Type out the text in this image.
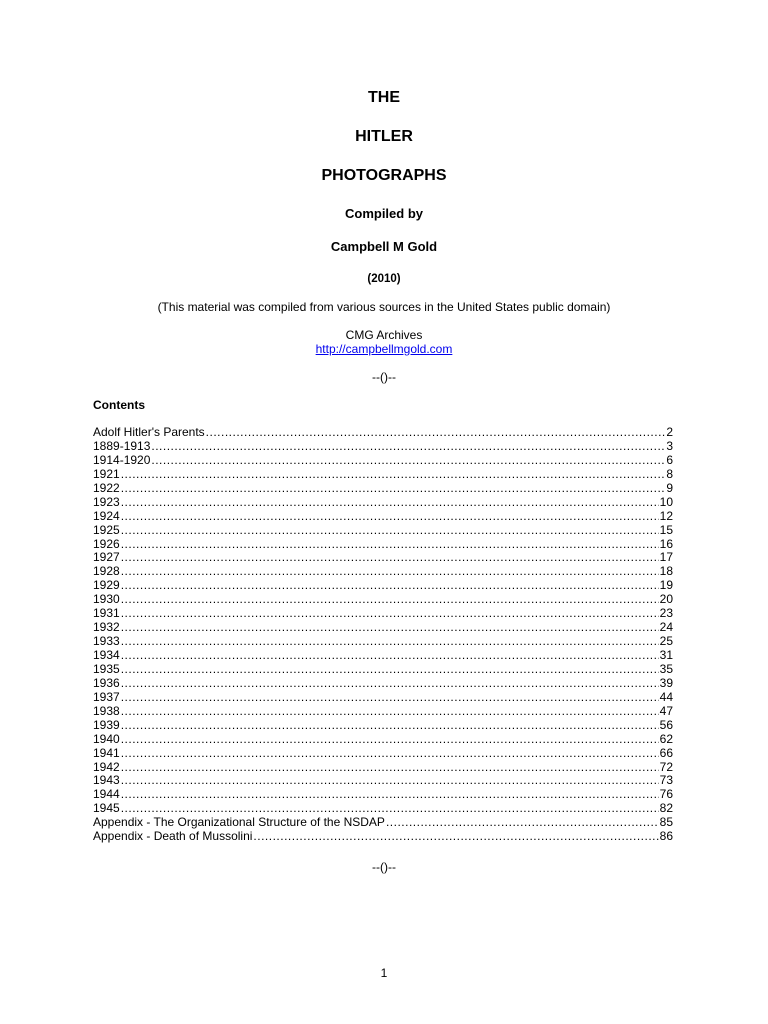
THE
HITLER
PHOTOGRAPHS
Compiled by
Campbell M Gold
(2010)
(This material was compiled from various sources in the United States public domain)
CMG Archives
http://campbellmgold.com
--()--
Contents
Adolf Hitler's Parents .....	2
1889-1913 .....	3
1914-1920 .....	6
1921 .....	8
1922 .....	9
1923 .....	10
1924 .....	12
1925 .....	15
1926 .....	16
1927 .....	17
1928 .....	18
1929 .....	19
1930 .....	20
1931 .....	23
1932 .....	24
1933 .....	25
1934 .....	31
1935 .....	35
1936 .....	39
1937 .....	44
1938 .....	47
1939 .....	56
1940 .....	62
1941 .....	66
1942 .....	72
1943 .....	73
1944 .....	76
1945 .....	82
Appendix - The Organizational Structure of the NSDAP .....	85
Appendix - Death of Mussolini .....	86
--()--
1
